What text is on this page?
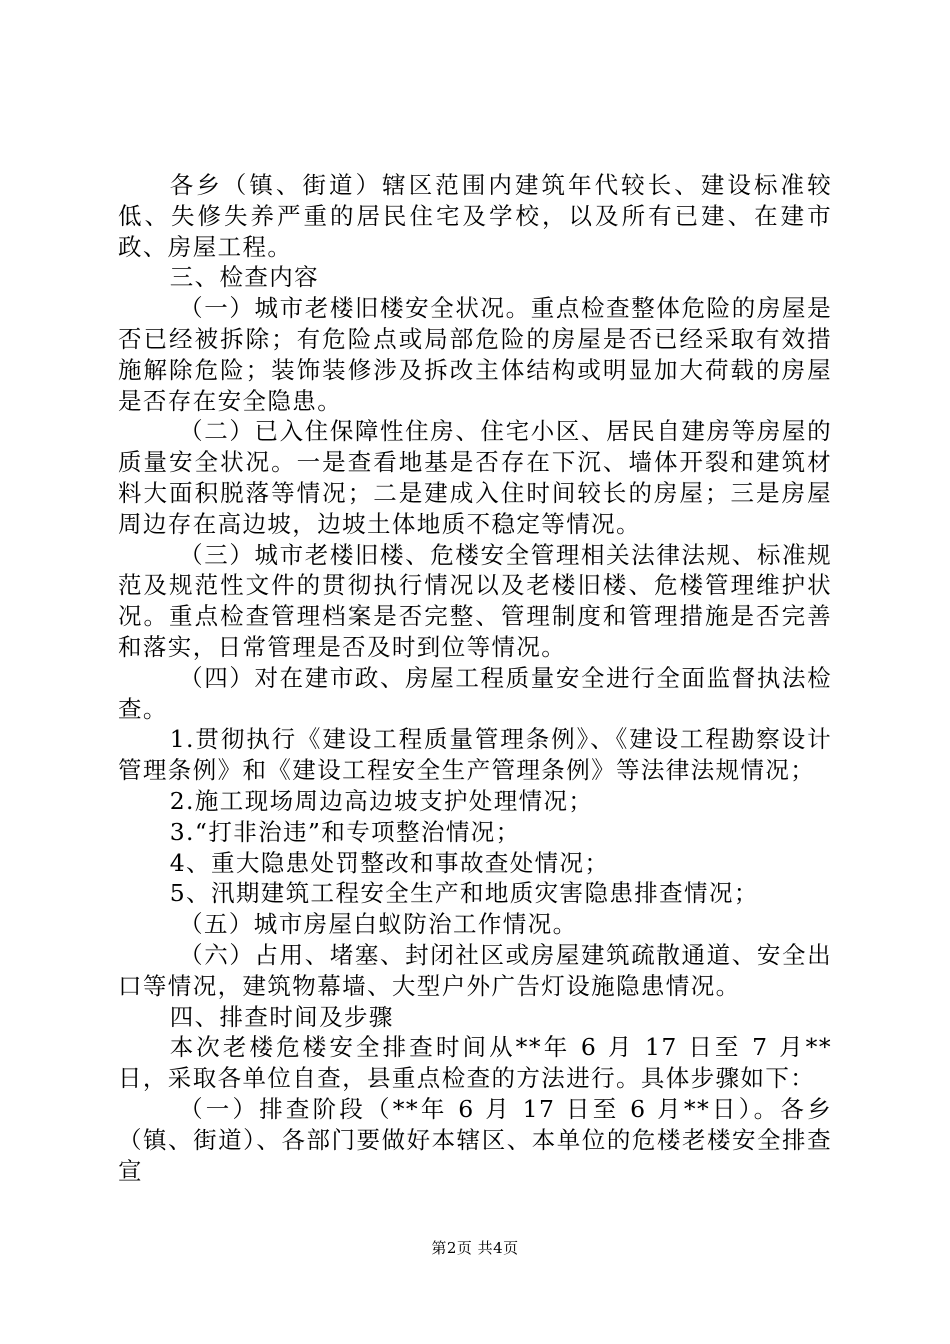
各乡（镇、街道）辖区范围内建筑年代较长、建设标准较低、失修失养严重的居民住宅及学校，以及所有已建、在建市政、房屋工程。

三、检查内容

（一）城市老楼旧楼安全状况。重点检查整体危险的房屋是否已经被拆除；有危险点或局部危险的房屋是否已经采取有效措施解除危险；装饰装修涉及拆改主体结构或明显加大荷载的房屋是否存在安全隐患。

（二）已入住保障性住房、住宅小区、居民自建房等房屋的质量安全状况。一是查看地基是否存在下沉、墙体开裂和建筑材料大面积脱落等情况；二是建成入住时间较长的房屋；三是房屋周边存在高边坡，边坡土体地质不稳定等情况。

（三）城市老楼旧楼、危楼安全管理相关法律法规、标准规范及规范性文件的贯彻执行情况以及老楼旧楼、危楼管理维护状况。重点检查管理档案是否完整、管理制度和管理措施是否完善和落实，日常管理是否及时到位等情况。

（四）对在建市政、房屋工程质量安全进行全面监督执法检查。

1.贯彻执行《建设工程质量管理条例》、《建设工程勘察设计管理条例》和《建设工程安全生产管理条例》等法律法规情况；

2.施工现场周边高边坡支护处理情况；

3.“打非治违”和专项整治情况；

4、重大隐患处罚整改和事故查处情况；

5、汛期建筑工程安全生产和地质灾害隐患排查情况；

（五）城市房屋白蚁防治工作情况。

（六）占用、堵塞、封闭社区或房屋建筑疏散通道、安全出口等情况，建筑物幕墙、大型户外广告灯设施隐患情况。

四、排查时间及步骤

本次老楼危楼安全排查时间从**年 6 月 17 日至 7 月**日，采取各单位自查，县重点检查的方法进行。具体步骤如下：

（一）排查阶段（**年 6 月 17 日至 6 月**日）。各乡（镇、街道）、各部门要做好本辖区、本单位的危楼老楼安全排查宣

第2页 共4页
